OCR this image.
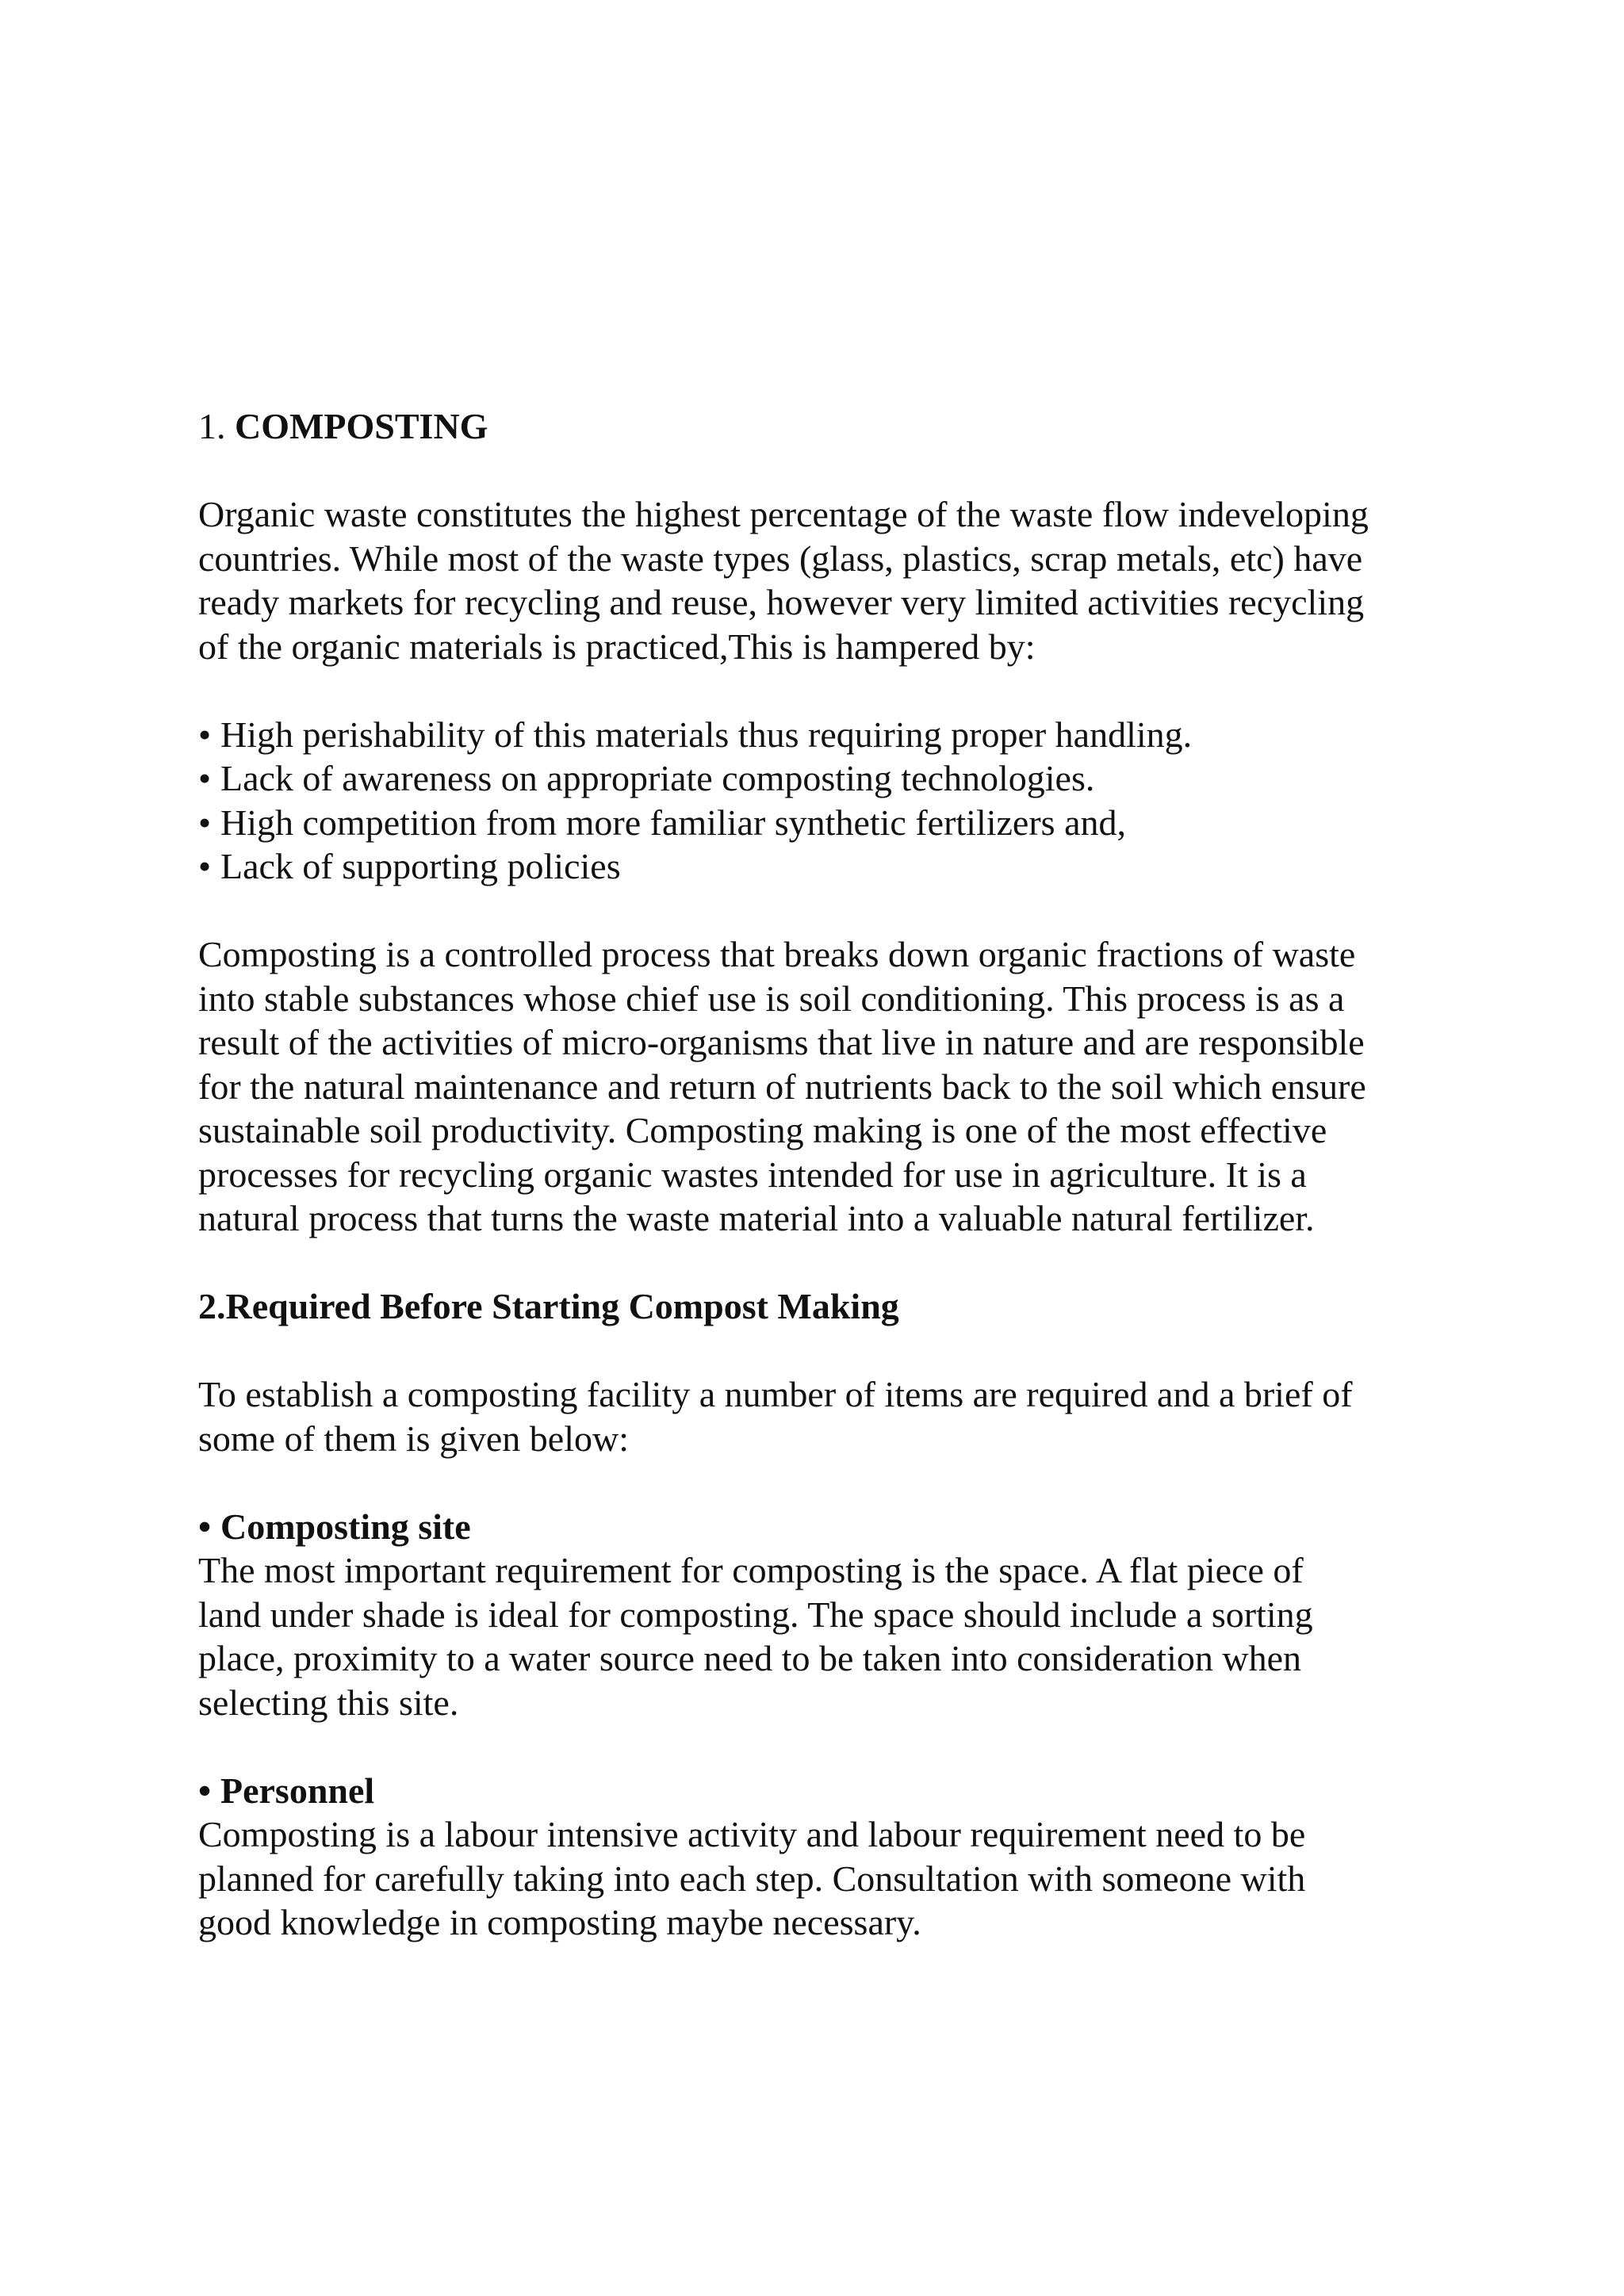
1. COMPOSTING

Organic waste constitutes the highest percentage of the waste flow indeveloping
countries. While most of the waste types (glass, plastics, scrap metals, etc) have
ready markets for recycling and reuse, however very limited activities recycling
of the organic materials is practiced,This is hampered by:

• High perishability of this materials thus requiring proper handling.
• Lack of awareness on appropriate composting technologies.
• High competition from more familiar synthetic fertilizers and,
• Lack of supporting policies

Composting is a controlled process that breaks down organic fractions of waste
into stable substances whose chief use is soil conditioning. This process is as a
result of the activities of micro-organisms that live in nature and are responsible
for the natural maintenance and return of nutrients back to the soil which ensure
sustainable soil productivity. Composting making is one of the most effective
processes for recycling organic wastes intended for use in agriculture. It is a
natural process that turns the waste material into a valuable natural fertilizer.

2.Required Before Starting Compost Making

To establish a composting facility a number of items are required and a brief of
some of them is given below:

• Composting site

The most important requirement for composting is the space. A flat piece of
land under shade is ideal for composting. The space should include a sorting
place, proximity to a water source need to be taken into consideration when
selecting this site.

• Personnel

Composting is a labour intensive activity and labour requirement need to be
planned for carefully taking into each step. Consultation with someone with
good knowledge in composting maybe necessary.
